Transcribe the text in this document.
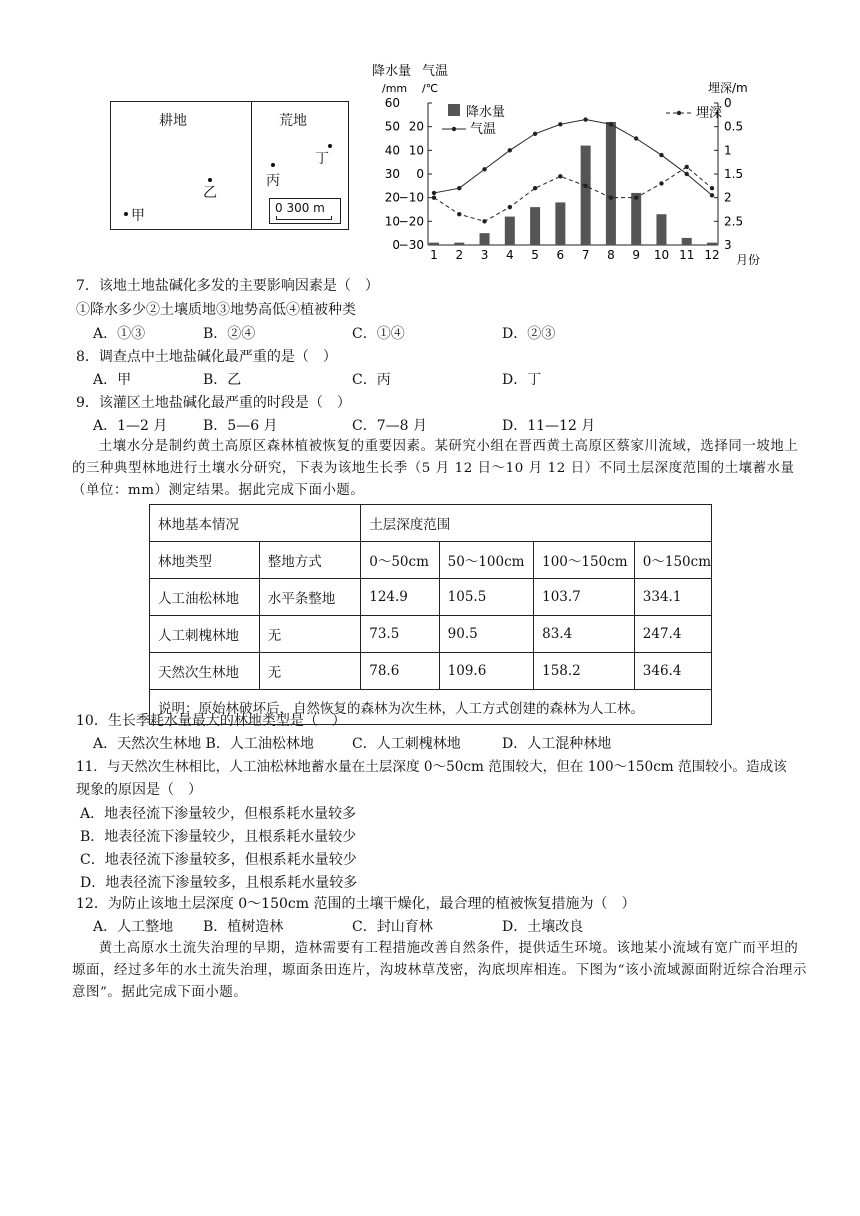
耕地	荒地
甲
乙
丙
丁
0 300 m
降水量 气温
/mm /℃	埋深/m
月份
0
10
20
30
40
50
60
−30
−20
−10
0
10
20
0
0.5
1
1.5
2
2.5
3
1 2 3 4 5 6 7 8 9 10 11 12
降水量
气温
埋深
7．该地土地盐碱化多发的主要影响因素是（　）
①降水多少②土壤质地③地势高低④植被种类
A．①③	B．②④	C．①④	D．②③
8．调查点中土地盐碱化最严重的是（　）
A．甲	B．乙	C．丙	D．丁
9．该灌区土地盐碱化最严重的时段是（　）
A．1—2 月	B．5—6 月	C．7—8 月	D．11—12 月
土壤水分是制约黄土高原区森林植被恢复的重要因素。某研究小组在晋西黄土高原区蔡家川流域，选择同一坡地上的三种典型林地进行土壤水分研究，下表为该地生长季（5 月 12 日～10 月 12 日）不同土层深度范围的土壤蓄水量（单位：mm）测定结果。据此完成下面小题。
林地基本情况		土层深度范围			
林地类型	整地方式	0～50cm	50～100cm	100～150cm	0～150cm
人工油松林地	水平条整地	124.9	105.5	103.7	334.1
人工刺槐林地	无	73.5	90.5	83.4	247.4
天然次生林地	无	78.6	109.6	158.2	346.4
说明：原始林破坏后，自然恢复的森林为次生林，人工方式创建的森林为人工林。					
10．生长季耗水量最大的林地类型是（　）
A．天然次生林地 B．人工油松林地	C．人工刺槐林地	D．人工混种林地
11．与天然次生林相比，人工油松林地蓄水量在土层深度 0～50cm 范围较大，但在 100～150cm 范围较小。造成该
现象的原因是（　）
A．地表径流下渗量较少，但根系耗水量较多
B．地表径流下渗量较少，且根系耗水量较少
C．地表径流下渗量较多，但根系耗水量较少
D．地表径流下渗量较多，且根系耗水量较多
12．为防止该地土层深度 0～150cm 范围的土壤干燥化，最合理的植被恢复措施为（　）
A．人工整地 B．植树造林	C．封山育林	D．土壤改良
黄土高原水土流失治理的早期，造林需要有工程措施改善自然条件，提供适生环境。该地某小流域有宽广而平坦的塬面，经过多年的水土流失治理，塬面条田连片，沟坡林草茂密，沟底坝库相连。下图为“该小流域源面附近综合治理示意图”。据此完成下面小题。
